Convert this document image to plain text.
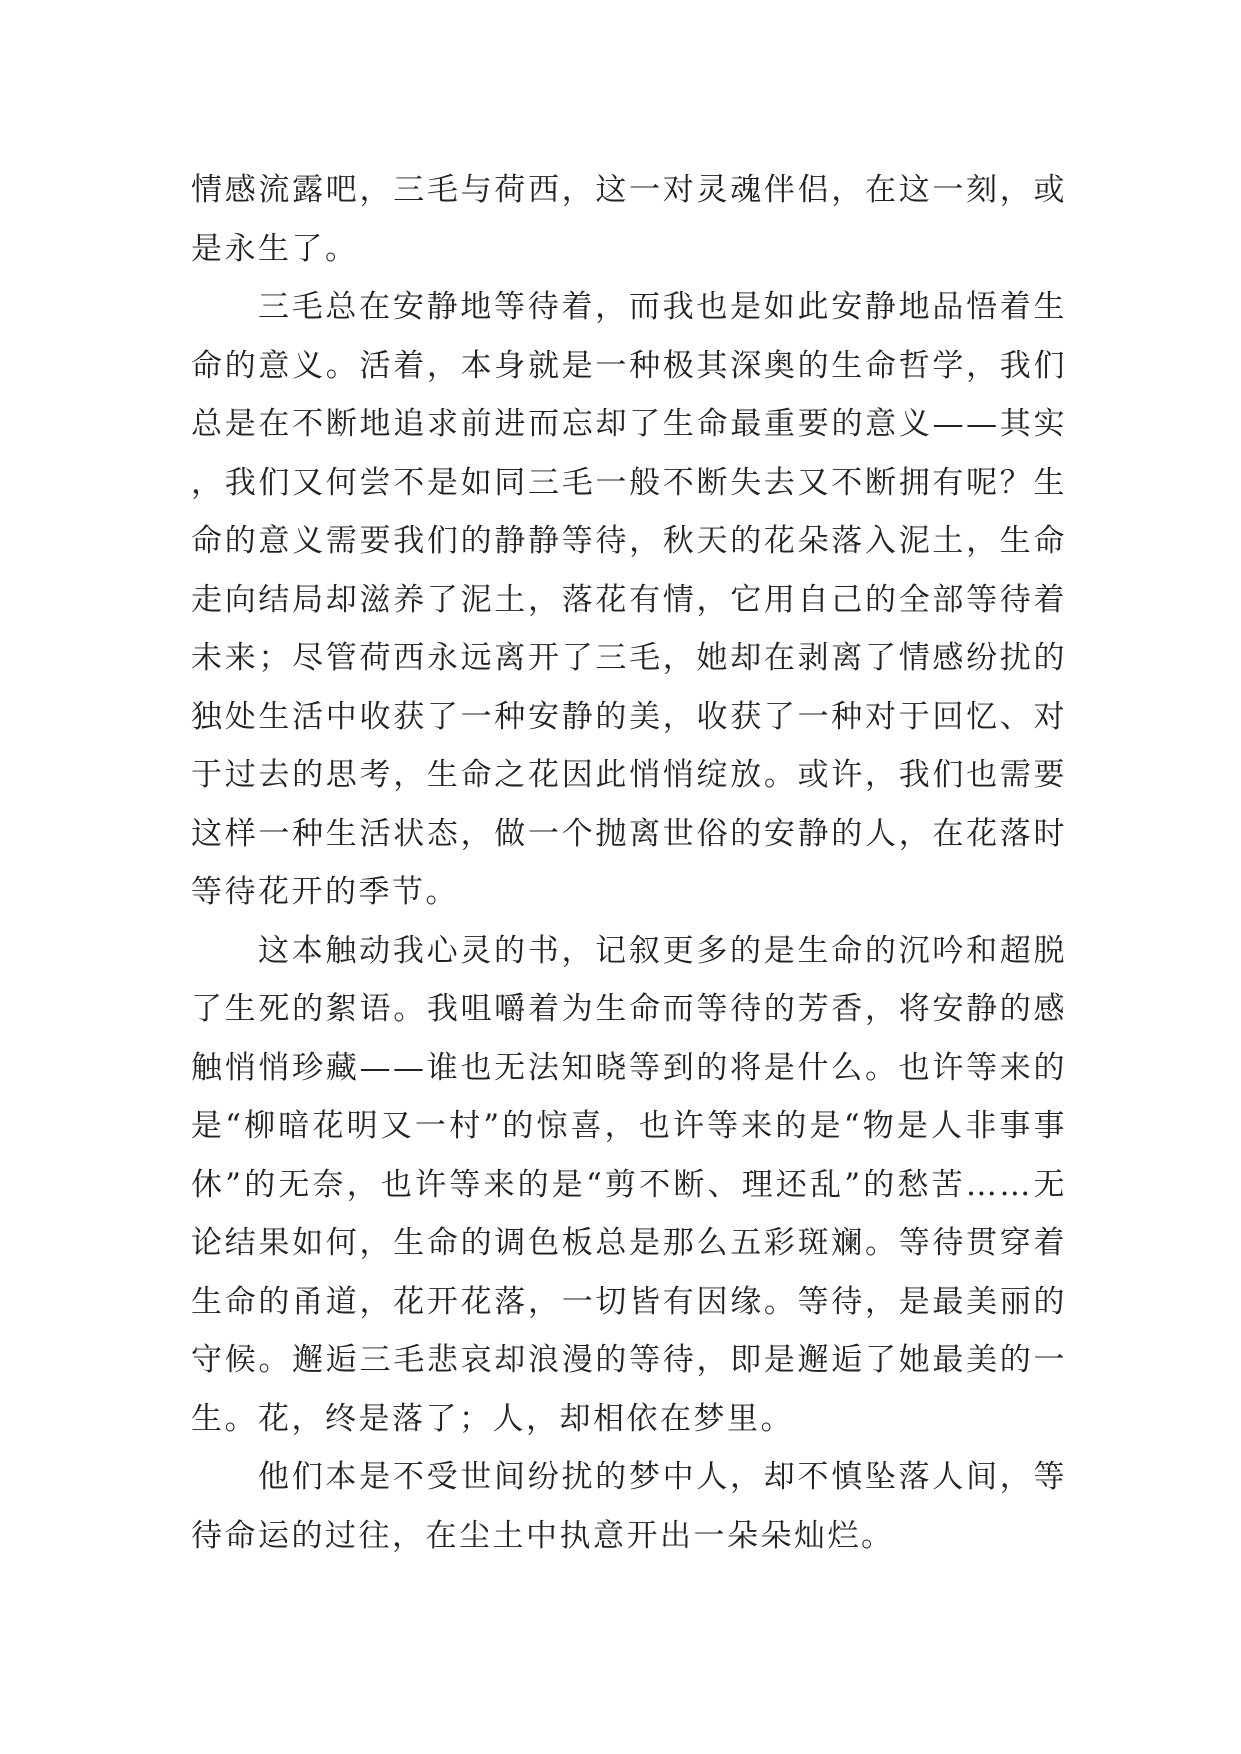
情感流露吧，三毛与荷西，这一对灵魂伴侣，在这一刻，或是永生了。

三毛总在安静地等待着，而我也是如此安静地品悟着生命的意义。活着，本身就是一种极其深奥的生命哲学，我们总是在不断地追求前进而忘却了生命最重要的意义——其实，我们又何尝不是如同三毛一般不断失去又不断拥有呢？生命的意义需要我们的静静等待，秋天的花朵落入泥土，生命走向结局却滋养了泥土，落花有情，它用自己的全部等待着未来；尽管荷西永远离开了三毛，她却在剥离了情感纷扰的独处生活中收获了一种安静的美，收获了一种对于回忆、对于过去的思考，生命之花因此悄悄绽放。或许，我们也需要这样一种生活状态，做一个抛离世俗的安静的人，在花落时等待花开的季节。

这本触动我心灵的书，记叙更多的是生命的沉吟和超脱了生死的絮语。我咀嚼着为生命而等待的芳香，将安静的感触悄悄珍藏——谁也无法知晓等到的将是什么。也许等来的是“柳暗花明又一村”的惊喜，也许等来的是“物是人非事事休”的无奈，也许等来的是“剪不断、理还乱”的愁苦……无论结果如何，生命的调色板总是那么五彩斑斓。等待贯穿着生命的甬道，花开花落，一切皆有因缘。等待，是最美丽的守候。邂逅三毛悲哀却浪漫的等待，即是邂逅了她最美的一生。花，终是落了；人，却相依在梦里。

他们本是不受世间纷扰的梦中人，却不慎坠落人间，等待命运的过往，在尘土中执意开出一朵朵灿烂。
